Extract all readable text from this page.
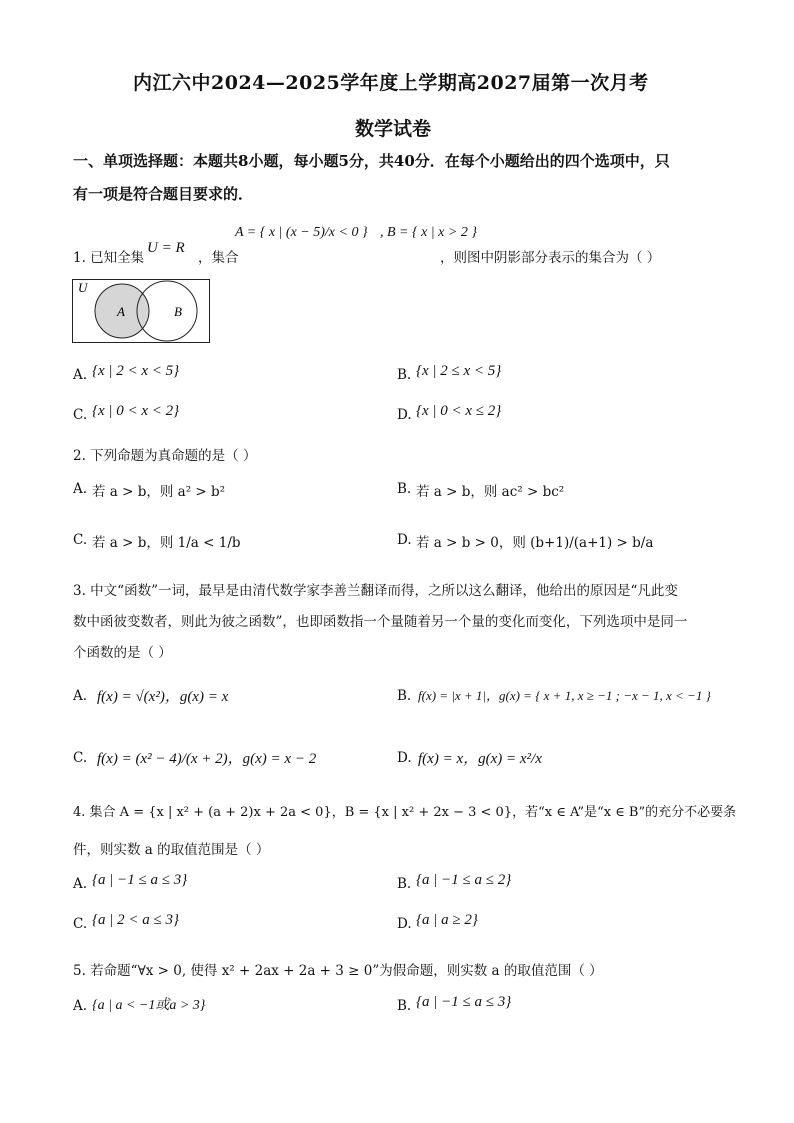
内江六中2024—2025学年度上学期高2027届第一次月考
数学试卷
一、单项选择题：本题共8小题，每小题5分，共40分．在每个小题给出的四个选项中，只
有一项是符合题目要求的．
1. 已知全集
U = R
，集合
A = { x | (x − 5)/x < 0 } , B = { x | x > 2 }
，则图中阴影部分表示的集合为（ ）
U
A	B
A. {x | 2 < x < 5}	B. {x | 2 ≤ x < 5}
C. {x | 0 < x < 2}	D. {x | 0 < x ≤ 2}
2. 下列命题为真命题的是（ ）
A. 若 a > b，则 a² > b²	B. 若 a > b，则 ac² > bc²
C. 若 a > b，则 1/a < 1/b	D. 若 a > b > 0，则 (b+1)/(a+1) > b/a
3. 中文“函数”一词，最早是由清代数学家李善兰翻译而得，之所以这么翻译，他给出的原因是“凡此变
数中函彼变数者，则此为彼之函数”，也即函数指一个量随着另一个量的变化而变化，下列选项中是同一
个函数的是（ ）
A. f(x) = √(x²)，g(x) = x	B. f(x) = |x + 1|，g(x) = { x + 1, x ≥ −1 ; −x − 1, x < −1 }
C. f(x) = (x² − 4)/(x + 2)，g(x) = x − 2	D. f(x) = x，g(x) = x²/x
4. 集合 A = {x | x² + (a + 2)x + 2a < 0}，B = {x | x² + 2x − 3 < 0}，若“x ∈ A”是“x ∈ B”的充分不必要条
件，则实数 a 的取值范围是（ ）
A. {a | −1 ≤ a ≤ 3}	B. {a | −1 ≤ a ≤ 2}
C. {a | 2 < a ≤ 3}	D. {a | a ≥ 2}
5. 若命题“∀x > 0, 使得 x² + 2ax + 2a + 3 ≥ 0”为假命题，则实数 a 的取值范围（ ）
A. {a | a < −1或a > 3}	B. {a | −1 ≤ a ≤ 3}
